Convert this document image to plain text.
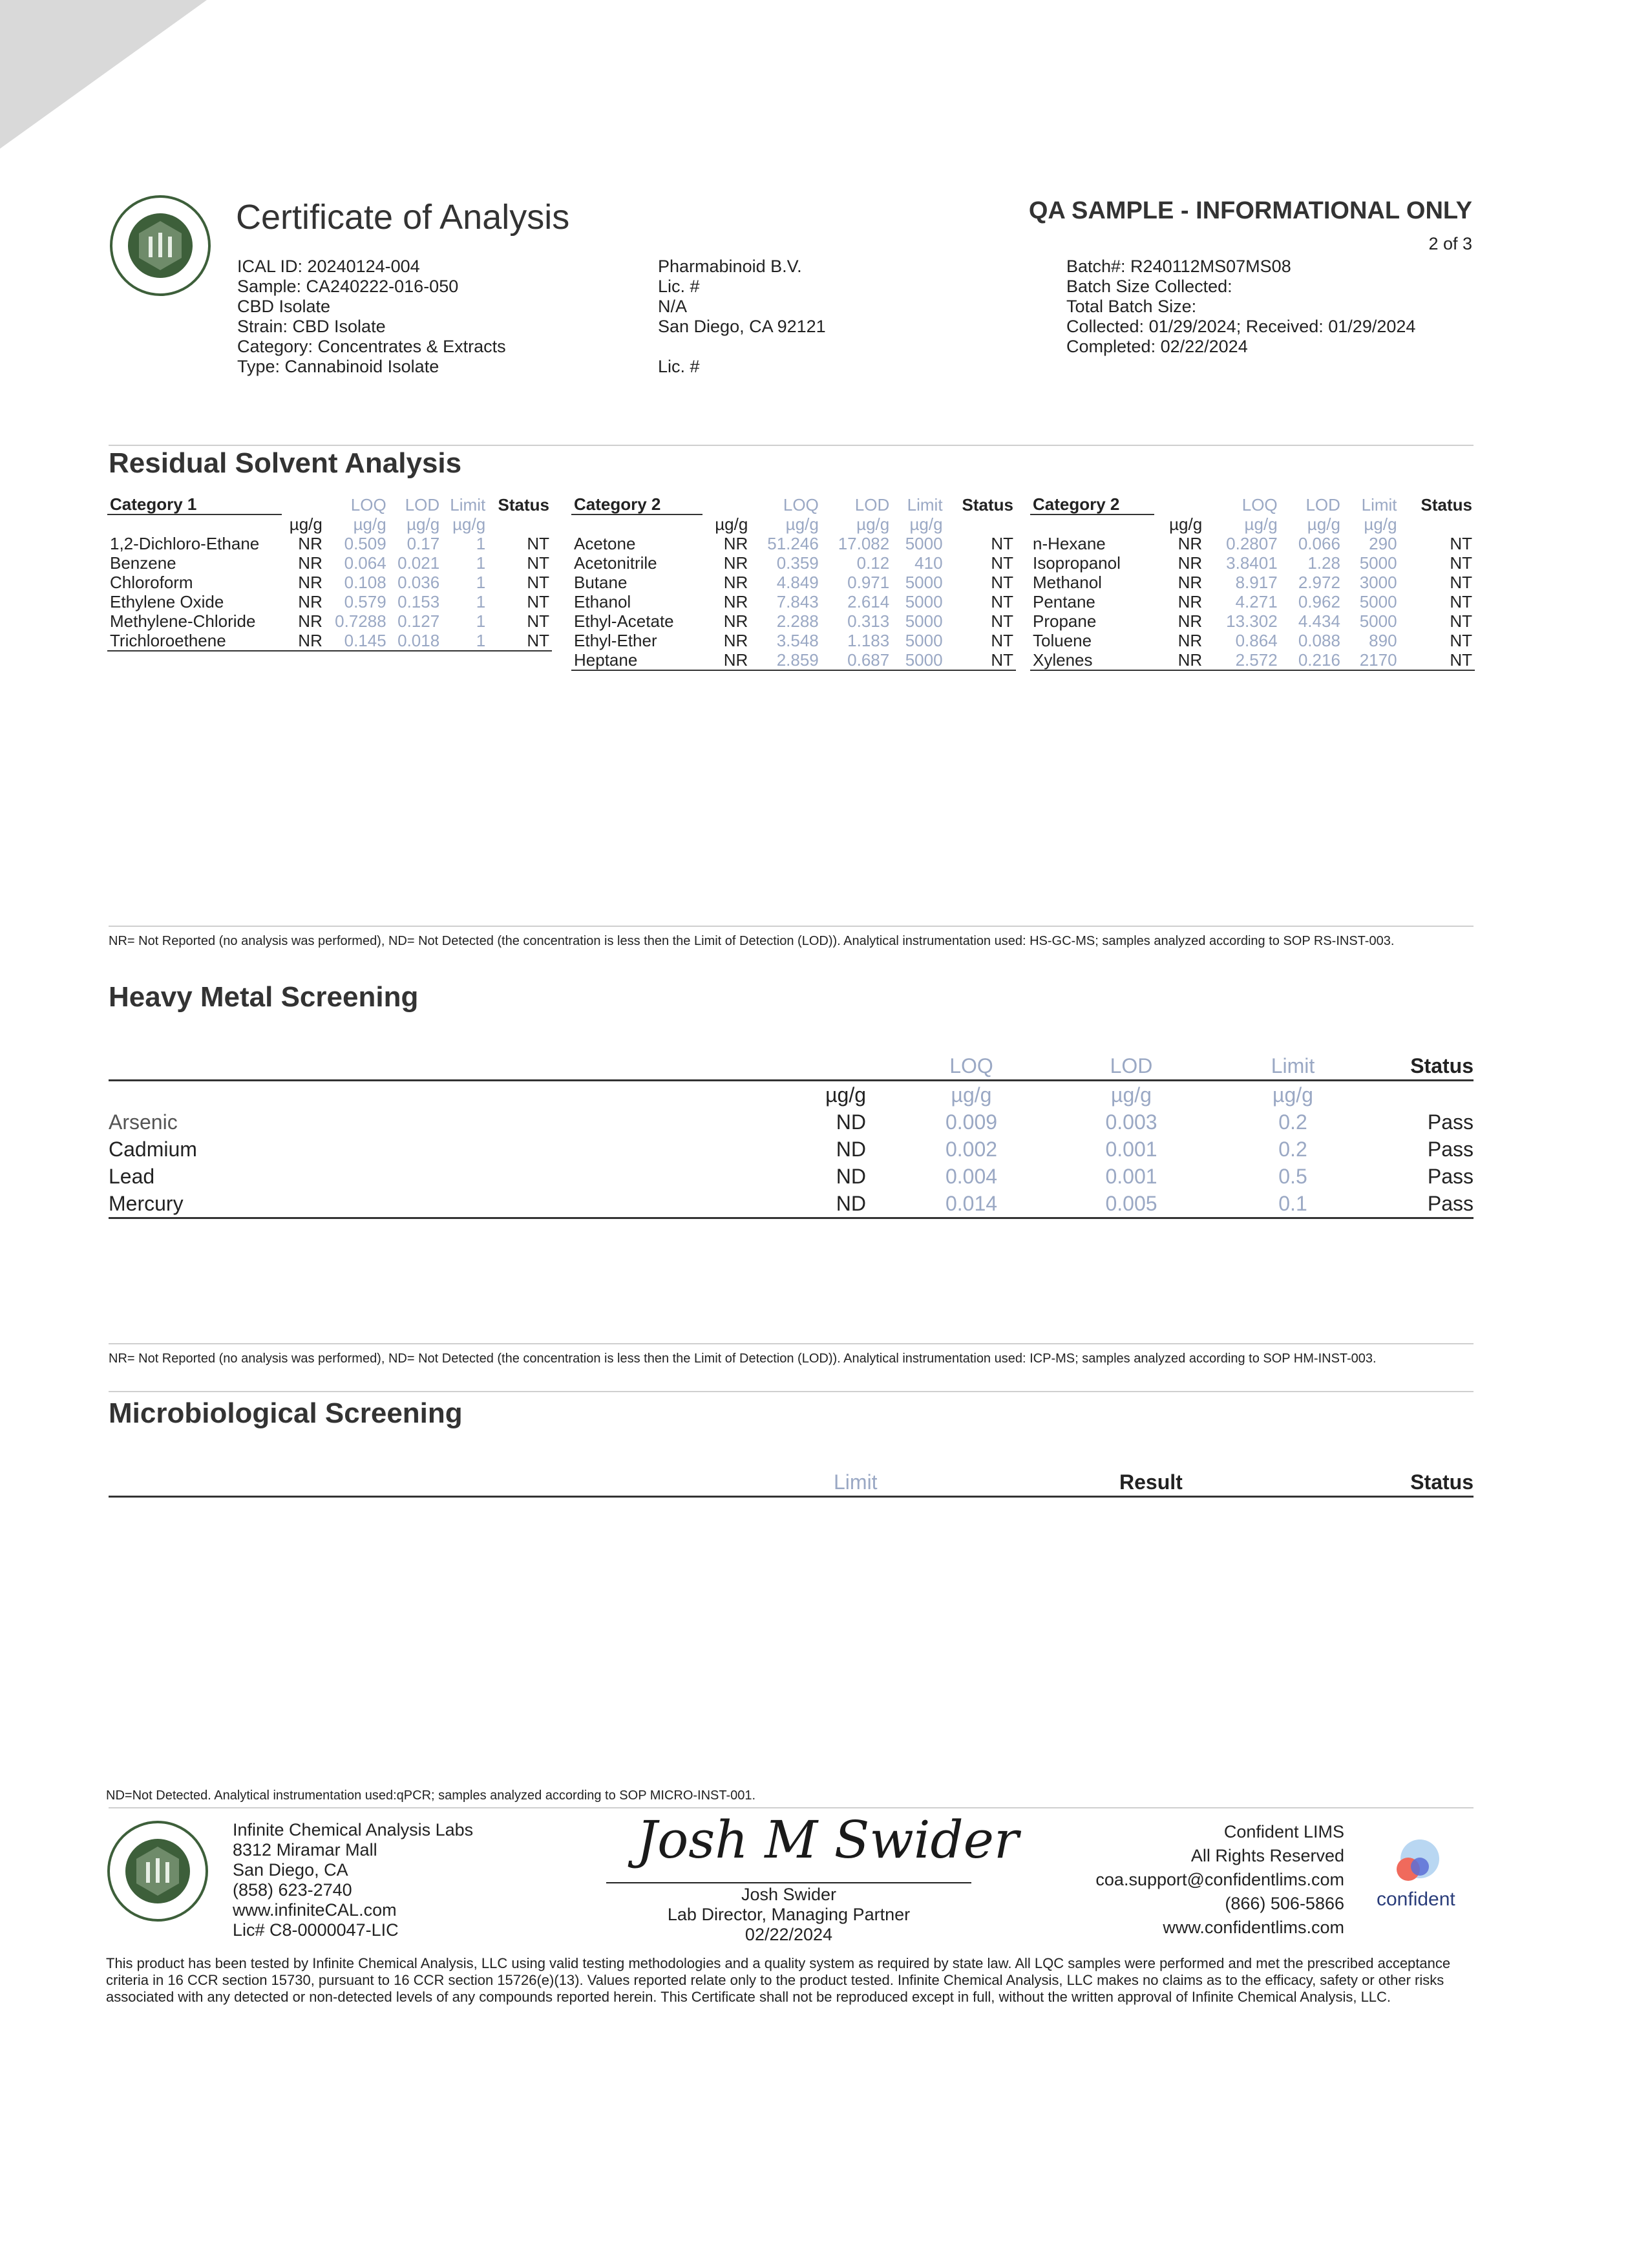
Certificate of Analysis	QA SAMPLE - INFORMATIONAL ONLY
2 of 3
ICAL ID: 20240124-004
Sample: CA240222-016-050
CBD Isolate
Strain: CBD Isolate
Category: Concentrates & Extracts
Type: Cannabinoid Isolate
Pharmabinoid B.V.
Lic. #
N/A
San Diego, CA 92121
Lic. #
Batch#: R240112MS07MS08
Batch Size Collected:
Total Batch Size:
Collected: 01/29/2024; Received: 01/29/2024
Completed: 02/22/2024
Residual Solvent Analysis
Category 1		LOQ	LOD	Limit	Status
	µg/g	µg/g	µg/g	µg/g	
1,2-Dichloro-Ethane	NR	0.509	0.17	1	NT
Benzene	NR	0.064	0.021	1	NT
Chloroform	NR	0.108	0.036	1	NT
Ethylene Oxide	NR	0.579	0.153	1	NT
Methylene-Chloride	NR	0.7288	0.127	1	NT
Trichloroethene	NR	0.145	0.018	1	NT
Category 2		LOQ	LOD	Limit	Status
	µg/g	µg/g	µg/g	µg/g	
Acetone	NR	51.246	17.082	5000	NT
Acetonitrile	NR	0.359	0.12	410	NT
Butane	NR	4.849	0.971	5000	NT
Ethanol	NR	7.843	2.614	5000	NT
Ethyl-Acetate	NR	2.288	0.313	5000	NT
Ethyl-Ether	NR	3.548	1.183	5000	NT
Heptane	NR	2.859	0.687	5000	NT
Category 2		LOQ	LOD	Limit	Status
	µg/g	µg/g	µg/g	µg/g	
n-Hexane	NR	0.2807	0.066	290	NT
Isopropanol	NR	3.8401	1.28	5000	NT
Methanol	NR	8.917	2.972	3000	NT
Pentane	NR	4.271	0.962	5000	NT
Propane	NR	13.302	4.434	5000	NT
Toluene	NR	0.864	0.088	890	NT
Xylenes	NR	2.572	0.216	2170	NT
NR= Not Reported (no analysis was performed), ND= Not Detected (the concentration is less then the Limit of Detection (LOD)). Analytical instrumentation used: HS-GC-MS; samples analyzed according to SOP RS-INST-003.
Heavy Metal Screening
		LOQ	LOD	Limit	Status
	µg/g	µg/g	µg/g	µg/g	
Arsenic	ND	0.009	0.003	0.2	Pass
Cadmium	ND	0.002	0.001	0.2	Pass
Lead	ND	0.004	0.001	0.5	Pass
Mercury	ND	0.014	0.005	0.1	Pass
NR= Not Reported (no analysis was performed), ND= Not Detected (the concentration is less then the Limit of Detection (LOD)). Analytical instrumentation used: ICP-MS; samples analyzed according to SOP HM-INST-003.
Microbiological Screening
Limit	Result	Status
ND=Not Detected. Analytical instrumentation used:qPCR; samples analyzed according to SOP MICRO-INST-001.
Infinite Chemical Analysis Labs
8312 Miramar Mall
San Diego, CA
(858) 623-2740
www.infiniteCAL.com
Lic# C8-0000047-LIC
Josh M Swider
Josh Swider
Lab Director, Managing Partner
02/22/2024
Confident LIMS
All Rights Reserved
coa.support@confidentlims.com
(866) 506-5866
www.confidentlims.com
confident
This product has been tested by Infinite Chemical Analysis, LLC using valid testing methodologies and a quality system as required by state law. All LQC samples were performed and met the prescribed acceptance criteria in 16 CCR section 15730, pursuant to 16 CCR section 15726(e)(13). Values reported relate only to the product tested. Infinite Chemical Analysis, LLC makes no claims as to the efficacy, safety or other risks associated with any detected or non-detected levels of any compounds reported herein. This Certificate shall not be reproduced except in full, without the written approval of Infinite Chemical Analysis, LLC.
